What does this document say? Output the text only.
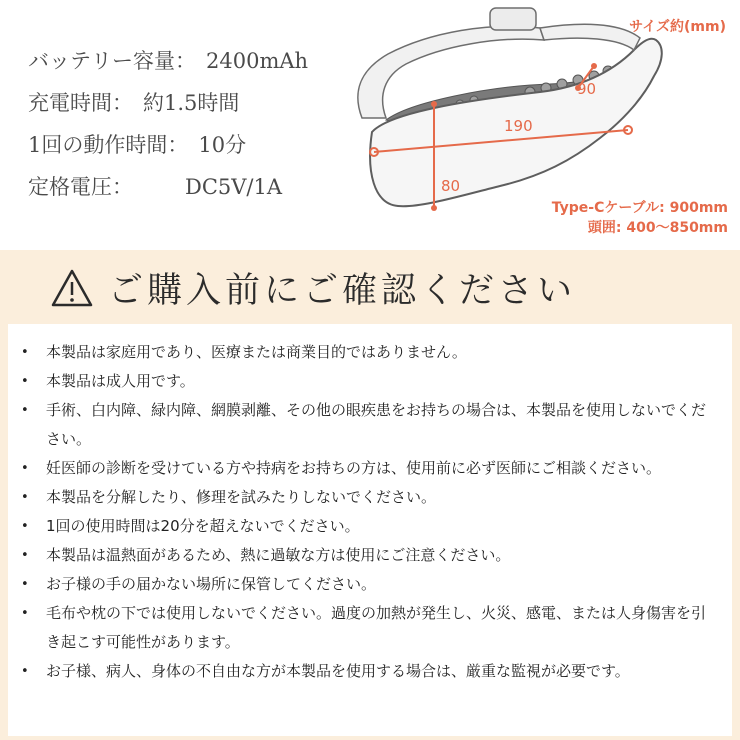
バッテリー容量： 2400mAh
充電時間： 約1.5時間
1回の動作時間： 10分
定格電圧： DC5V/1A
サイズ約(mm)
90
190
80
Type-Cケーブル: 900mm
頭囲: 400～850mm
ご購入前にご確認ください
• 本製品は家庭用であり、医療または商業目的ではありません。
• 本製品は成人用です。
• 手術、白内障、緑内障、網膜剥離、その他の眼疾患をお持ちの場合は、本製品を使用しないでください。
• 妊医師の診断を受けている方や持病をお持ちの方は、使用前に必ず医師にご相談ください。
• 本製品を分解したり、修理を試みたりしないでください。
• 1回の使用時間は20分を超えないでください。
• 本製品は温熱面があるため、熱に過敏な方は使用にご注意ください。
• お子様の手の届かない場所に保管してください。
• 毛布や枕の下では使用しないでください。過度の加熱が発生し、火災、感電、または人身傷害を引き起こす可能性があります。
• お子様、病人、身体の不自由な方が本製品を使用する場合は、厳重な監視が必要です。
